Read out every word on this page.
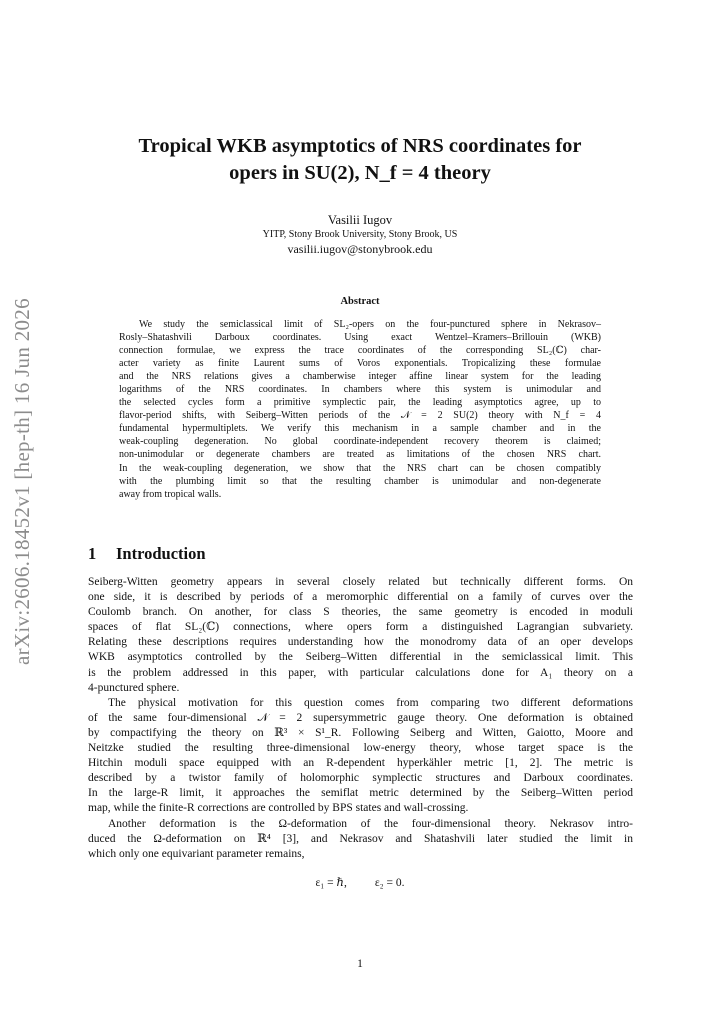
arXiv:2606.18452v1 [hep-th] 16 Jun 2026
Tropical WKB asymptotics of NRS coordinates for
opers in SU(2), N_f = 4 theory
Vasilii Iugov
YITP, Stony Brook University, Stony Brook, US
vasilii.iugov@stonybrook.edu
Abstract
We study the semiclassical limit of SL₂-opers on the four-punctured sphere in Nekrasov–
Rosly–Shatashvili Darboux coordinates. Using exact Wentzel–Kramers–Brillouin (WKB)
connection formulae, we express the trace coordinates of the corresponding SL₂(ℂ) char-
acter variety as finite Laurent sums of Voros exponentials. Tropicalizing these formulae
and the NRS relations gives a chamberwise integer affine linear system for the leading
logarithms of the NRS coordinates. In chambers where this system is unimodular and
the selected cycles form a primitive symplectic pair, the leading asymptotics agree, up to
flavor-period shifts, with Seiberg–Witten periods of the 𝒩 = 2 SU(2) theory with N_f = 4
fundamental hypermultiplets. We verify this mechanism in a sample chamber and in the
weak-coupling degeneration. No global coordinate-independent recovery theorem is claimed;
non-unimodular or degenerate chambers are treated as limitations of the chosen NRS chart.
In the weak-coupling degeneration, we show that the NRS chart can be chosen compatibly
with the plumbing limit so that the resulting chamber is unimodular and non-degenerate
away from tropical walls.
1 Introduction
Seiberg-Witten geometry appears in several closely related but technically different forms. On
one side, it is described by periods of a meromorphic differential on a family of curves over the
Coulomb branch. On another, for class S theories, the same geometry is encoded in moduli
spaces of flat SL₂(ℂ) connections, where opers form a distinguished Lagrangian subvariety.
Relating these descriptions requires understanding how the monodromy data of an oper develops
WKB asymptotics controlled by the Seiberg–Witten differential in the semiclassical limit. This
is the problem addressed in this paper, with particular calculations done for A₁ theory on a
4-punctured sphere.
The physical motivation for this question comes from comparing two different deformations
of the same four-dimensional 𝒩 = 2 supersymmetric gauge theory. One deformation is obtained
by compactifying the theory on ℝ³ × S¹_R. Following Seiberg and Witten, Gaiotto, Moore and
Neitzke studied the resulting three-dimensional low-energy theory, whose target space is the
Hitchin moduli space equipped with an R-dependent hyperkähler metric [1, 2]. The metric is
described by a twistor family of holomorphic symplectic structures and Darboux coordinates.
In the large-R limit, it approaches the semiflat metric determined by the Seiberg–Witten period
map, while the finite-R corrections are controlled by BPS states and wall-crossing.
Another deformation is the Ω-deformation of the four-dimensional theory. Nekrasov intro-
duced the Ω-deformation on ℝ⁴ [3], and Nekrasov and Shatashvili later studied the limit in
which only one equivariant parameter remains,
ε₁ = ℏ, ε₂ = 0.
1
